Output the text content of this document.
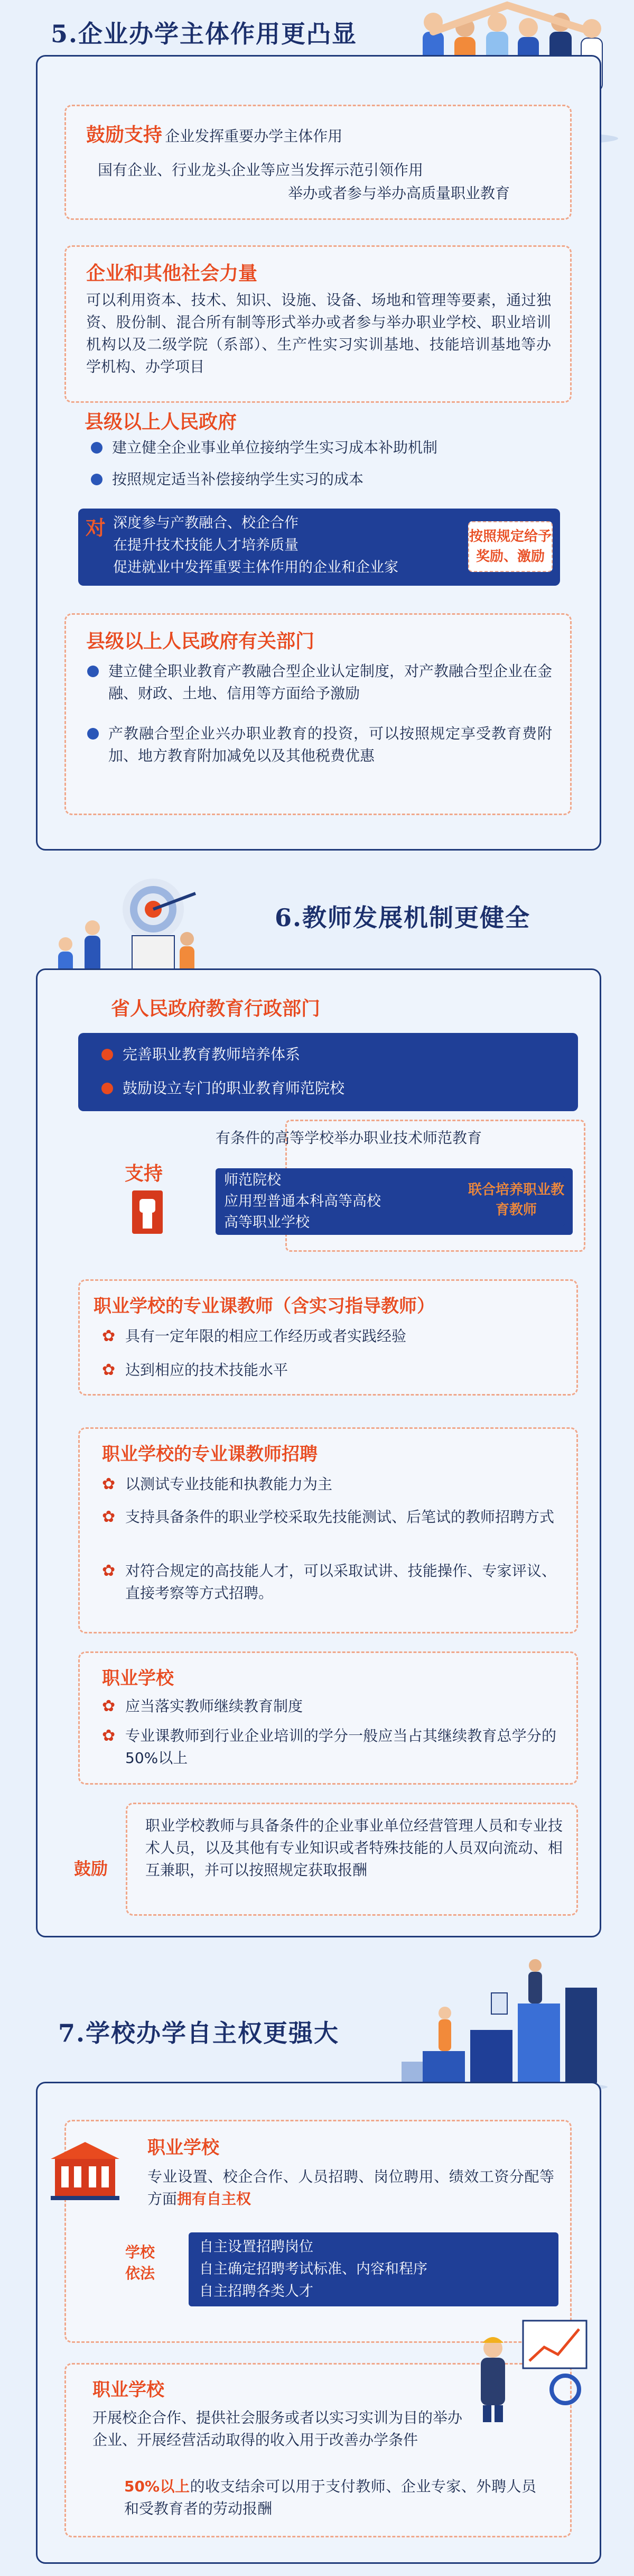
5.企业办学主体作用更凸显
鼓励支持 企业发挥重要办学主体作用
国有企业、行业龙头企业等应当发挥示范引领作用
举办或者参与举办高质量职业教育
企业和其他社会力量
可以利用资本、技术、知识、设施、设备、场地和管理等要素，通过独资、股份制、混合所有制等形式举办或者参与举办职业学校、职业培训机构以及二级学院（系部）、生产性实习实训基地、技能培训基地等办学机构、办学项目
县级以上人民政府
建立健全企业事业单位接纳学生实习成本补助机制
按照规定适当补偿接纳学生实习的成本
对 深度参与产教融合、校企合作
在提升技术技能人才培养质量
促进就业中发挥重要主体作用的企业和企业家
按照规定给予奖励、激励
县级以上人民政府有关部门
建立健全职业教育产教融合型企业认定制度，对产教融合型企业在金融、财政、土地、信用等方面给予激励
产教融合型企业兴办职业教育的投资，可以按照规定享受教育费附加、地方教育附加减免以及其他税费优惠
6.教师发展机制更健全
省人民政府教育行政部门
完善职业教育教师培养体系
鼓励设立专门的职业教育师范院校
支持
有条件的高等学校举办职业技术师范教育
师范院校
应用型普通本科高等高校
高等职业学校
联合培养职业教育教师
职业学校的专业课教师（含实习指导教师）
✿ 具有一定年限的相应工作经历或者实践经验
✿ 达到相应的技术技能水平
职业学校的专业课教师招聘
✿ 以测试专业技能和执教能力为主
✿ 支持具备条件的职业学校采取先技能测试、后笔试的教师招聘方式
✿ 对符合规定的高技能人才，可以采取试讲、技能操作、专家评议、直接考察等方式招聘。
职业学校
✿ 应当落实教师继续教育制度
✿ 专业课教师到行业企业培训的学分一般应当占其继续教育总学分的50%以上
鼓励
职业学校教师与具备条件的企业事业单位经营管理人员和专业技术人员，以及其他有专业知识或者特殊技能的人员双向流动、相互兼职，并可以按照规定获取报酬
7.学校办学自主权更强大
职业学校
专业设置、校企合作、人员招聘、岗位聘用、绩效工资分配等方面拥有自主权
学校
依法
自主设置招聘岗位
自主确定招聘考试标准、内容和程序
自主招聘各类人才
职业学校
开展校企合作、提供社会服务或者以实习实训为目的举办企业、开展经营活动取得的收入用于改善办学条件
50%以上的收支结余可以用于支付教师、企业专家、外聘人员和受教育者的劳动报酬
